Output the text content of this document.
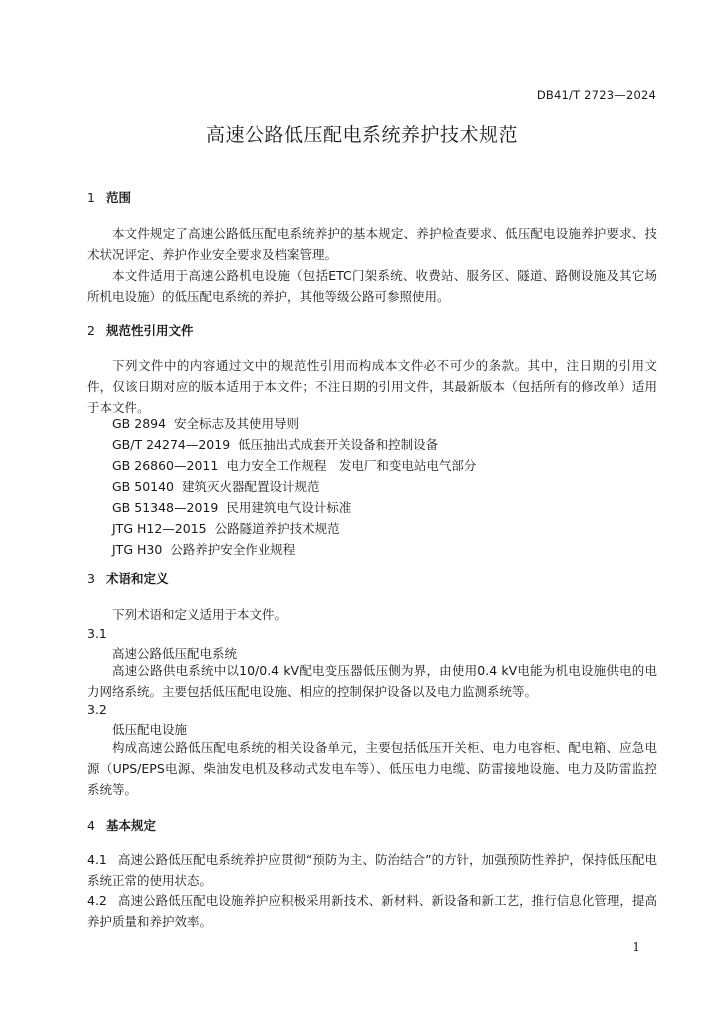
DB41/T 2723—2024
高速公路低压配电系统养护技术规范
1 范围

本文件规定了高速公路低压配电系统养护的基本规定、养护检查要求、低压配电设施养护要求、技术状况评定、养护作业安全要求及档案管理。

本文件适用于高速公路机电设施（包括ETC门架系统、收费站、服务区、隧道、路侧设施及其它场所机电设施）的低压配电系统的养护，其他等级公路可参照使用。

2 规范性引用文件

下列文件中的内容通过文中的规范性引用而构成本文件必不可少的条款。其中，注日期的引用文件，仅该日期对应的版本适用于本文件；不注日期的引用文件，其最新版本（包括所有的修改单）适用于本文件。

GB 2894 安全标志及其使用导则
GB/T 24274—2019 低压抽出式成套开关设备和控制设备
GB 26860—2011 电力安全工作规程　发电厂和变电站电气部分
GB 50140 建筑灭火器配置设计规范
GB 51348—2019 民用建筑电气设计标准
JTG H12—2015 公路隧道养护技术规范
JTG H30 公路养护安全作业规程
3 术语和定义

下列术语和定义适用于本文件。

3.1
高速公路低压配电系统

高速公路供电系统中以10/0.4 kV配电变压器低压侧为界，由使用0.4 kV电能为机电设施供电的电力网络系统。主要包括低压配电设施、相应的控制保护设备以及电力监测系统等。

3.2
低压配电设施

构成高速公路低压配电系统的相关设备单元，主要包括低压开关柜、电力电容柜、配电箱、应急电源（UPS/EPS电源、柴油发电机及移动式发电车等）、低压电力电缆、防雷接地设施、电力及防雷监控系统等。

4 基本规定

4.1 高速公路低压配电系统养护应贯彻“预防为主、防治结合”的方针，加强预防性养护，保持低压配电系统正常的使用状态。

4.2 高速公路低压配电设施养护应积极采用新技术、新材料、新设备和新工艺，推行信息化管理，提高养护质量和养护效率。

1
